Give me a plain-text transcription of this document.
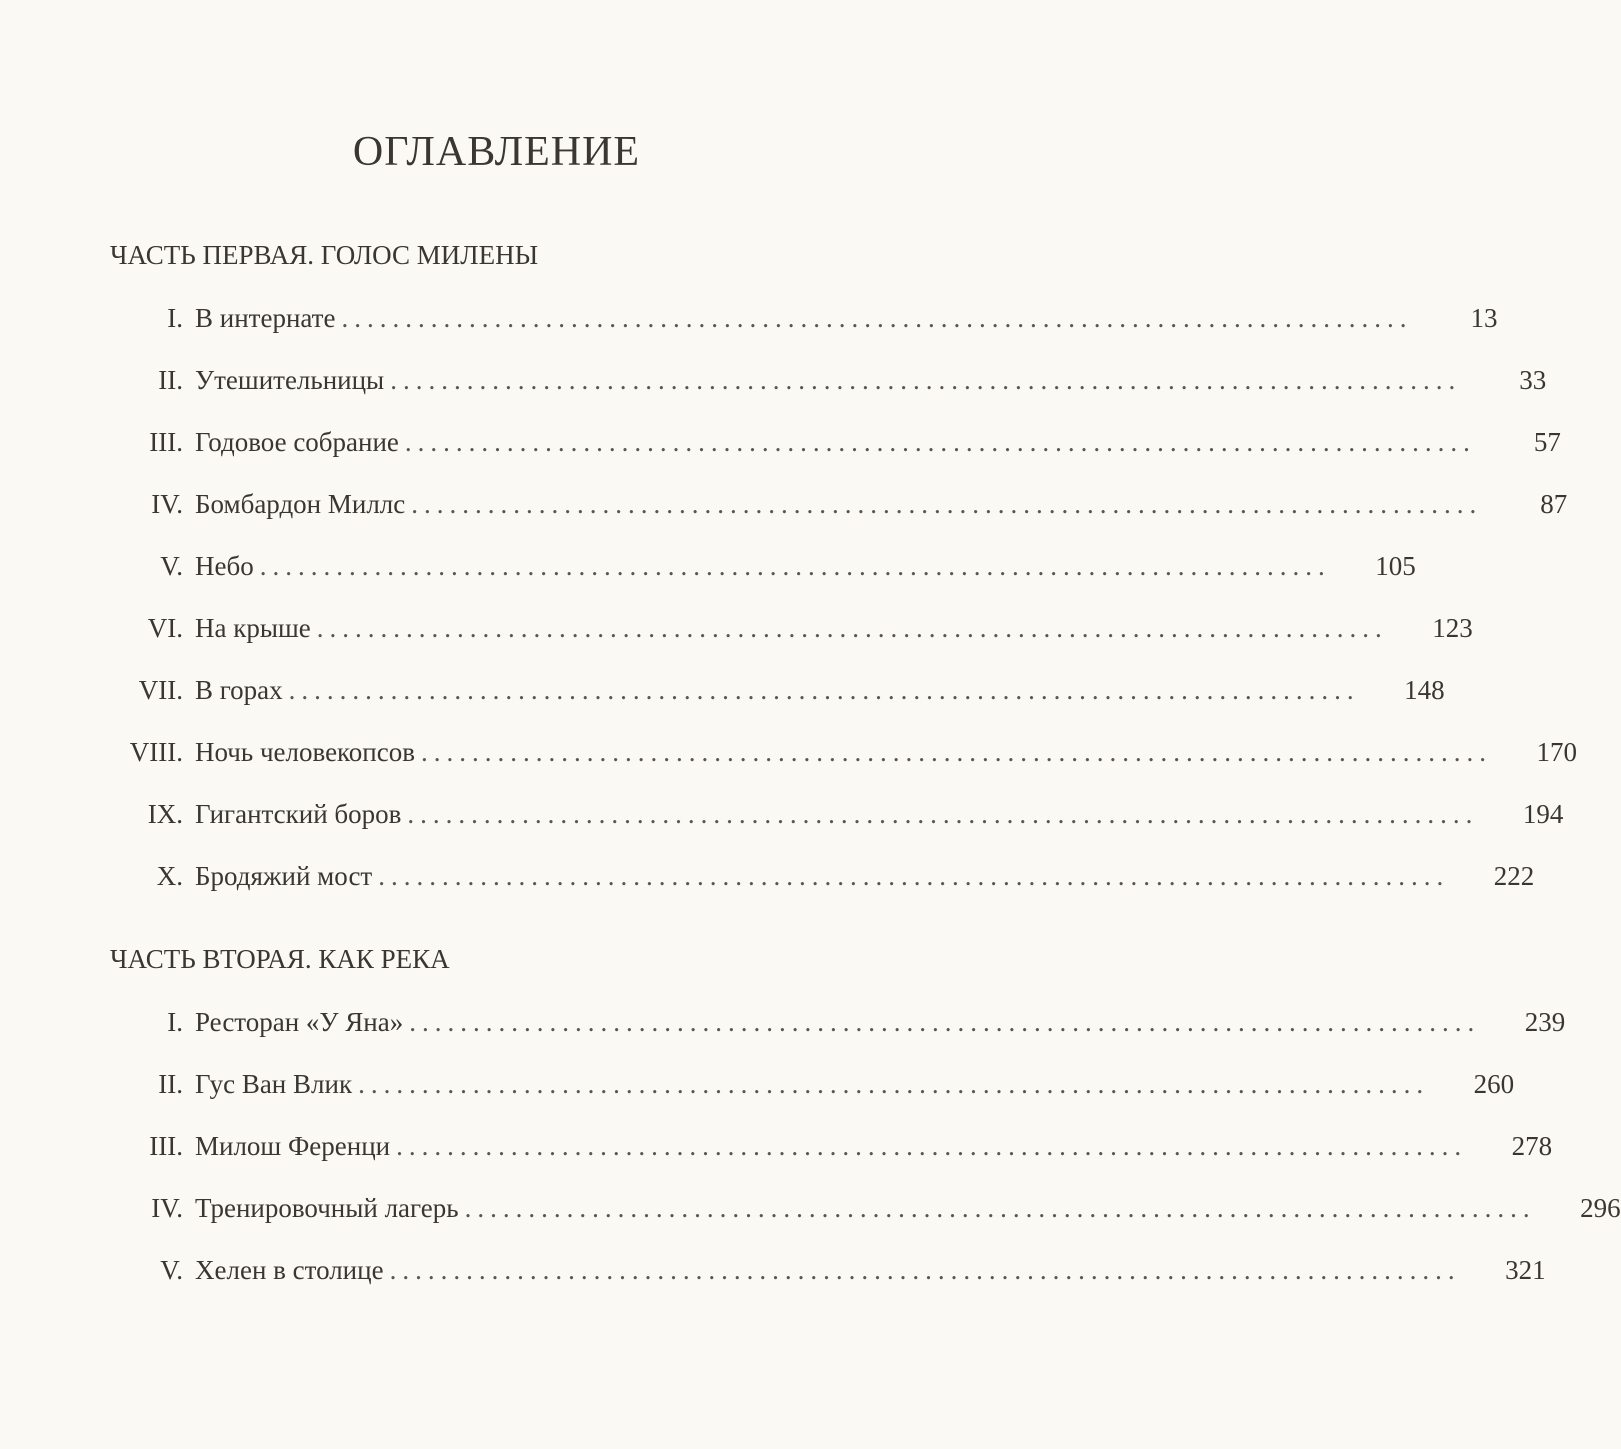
ОГЛАВЛЕНИЕ
ЧАСТЬ ПЕРВАЯ. ГОЛОС МИЛЕНЫ
I. В интернате ....................................................................................	13
II. Утешительницы ....................................................................................	33
III. Годовое собрание ....................................................................................	57
IV. Бомбардон Миллс ....................................................................................	87
V. Небо ....................................................................................	105
VI. На крыше ....................................................................................	123
VII. В горах ....................................................................................	148
VIII. Ночь человекопсов ....................................................................................	170
IX. Гигантский боров ....................................................................................	194
X. Бродяжий мост ....................................................................................	222
ЧАСТЬ ВТОРАЯ. КАК РЕКА
I. Ресторан «У Яна» ....................................................................................	239
II. Гус Ван Влик ....................................................................................	260
III. Милош Ференци ....................................................................................	278
IV. Тренировочный лагерь ....................................................................................	296
V. Хелен в столице ....................................................................................	321
